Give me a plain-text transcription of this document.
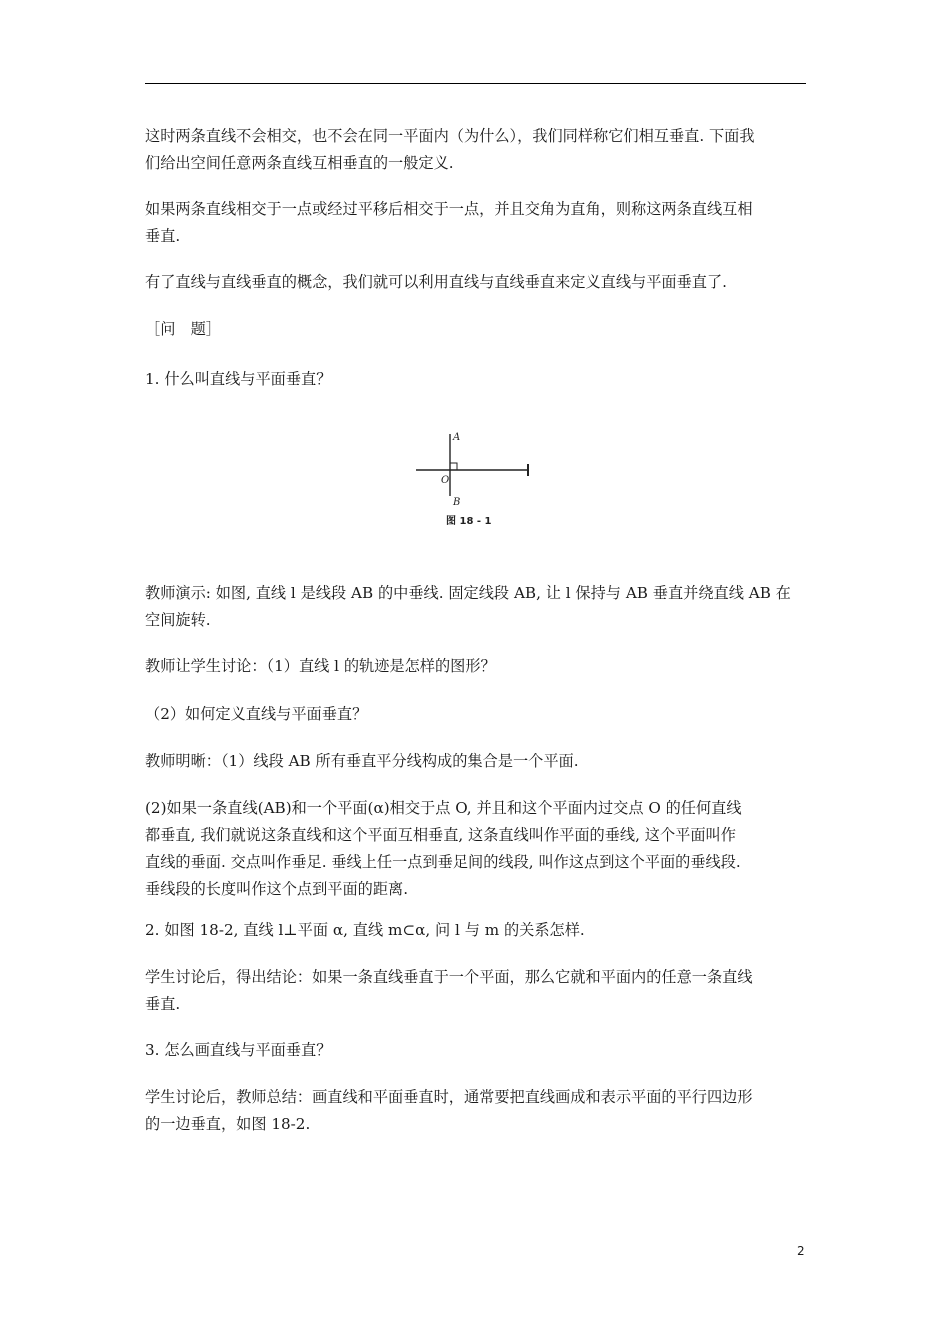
这时两条直线不会相交，也不会在同一平面内（为什么），我们同样称它们相互垂直. 下面我
们给出空间任意两条直线互相垂直的一般定义.

如果两条直线相交于一点或经过平移后相交于一点，并且交角为直角，则称这两条直线互相
垂直.

有了直线与直线垂直的概念，我们就可以利用直线与直线垂直来定义直线与平面垂直了.

［问　题］

1. 什么叫直线与平面垂直？

A
O
B
图 18 - 1

教师演示: 如图, 直线 l 是线段 AB 的中垂线. 固定线段 AB, 让 l 保持与 AB 垂直并绕直线 AB 在
空间旋转.

教师让学生讨论：（1）直线 l 的轨迹是怎样的图形？

（2）如何定义直线与平面垂直？

教师明晰：（1）线段 AB 所有垂直平分线构成的集合是一个平面.

(2)如果一条直线(AB)和一个平面(α)相交于点 O, 并且和这个平面内过交点 O 的任何直线
都垂直, 我们就说这条直线和这个平面互相垂直, 这条直线叫作平面的垂线, 这个平面叫作
直线的垂面. 交点叫作垂足. 垂线上任一点到垂足间的线段, 叫作这点到这个平面的垂线段.
垂线段的长度叫作这个点到平面的距离.

2. 如图 18-2, 直线 l⊥平面 α, 直线 m⊂α, 问 l 与 m 的关系怎样.

学生讨论后，得出结论：如果一条直线垂直于一个平面，那么它就和平面内的任意一条直线
垂直.

3. 怎么画直线与平面垂直？

学生讨论后，教师总结：画直线和平面垂直时，通常要把直线画成和表示平面的平行四边形
的一边垂直，如图 18-2.

2
